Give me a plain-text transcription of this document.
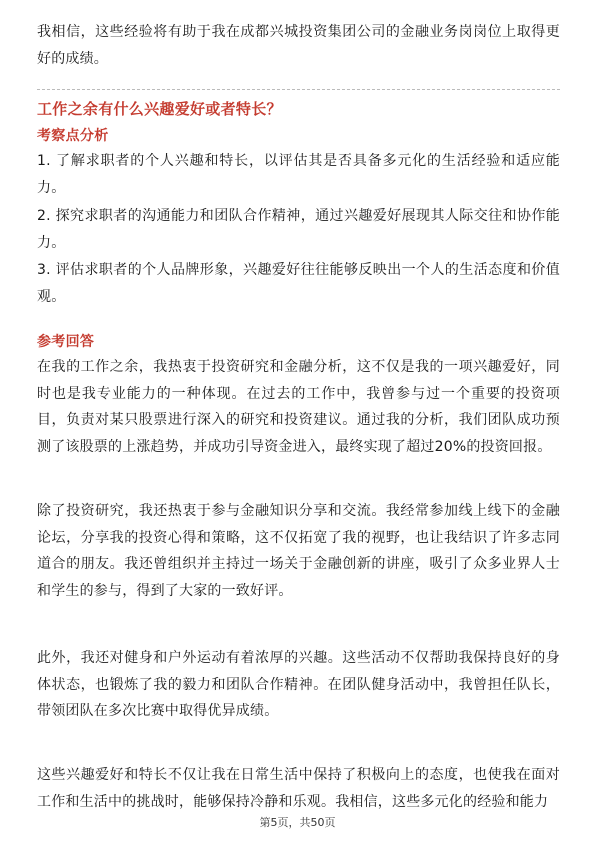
我相信，这些经验将有助于我在成都兴城投资集团公司的金融业务岗岗位上取得更好的成绩。

工作之余有什么兴趣爱好或者特长？
考察点分析

1. 了解求职者的个人兴趣和特长，以评估其是否具备多元化的生活经验和适应能力。

2. 探究求职者的沟通能力和团队合作精神，通过兴趣爱好展现其人际交往和协作能力。

3. 评估求职者的个人品牌形象，兴趣爱好往往能够反映出一个人的生活态度和价值观。

参考回答

在我的工作之余，我热衷于投资研究和金融分析，这不仅是我的一项兴趣爱好，同时也是我专业能力的一种体现。在过去的工作中，我曾参与过一个重要的投资项目，负责对某只股票进行深入的研究和投资建议。通过我的分析，我们团队成功预测了该股票的上涨趋势，并成功引导资金进入，最终实现了超过20%的投资回报。

除了投资研究，我还热衷于参与金融知识分享和交流。我经常参加线上线下的金融论坛，分享我的投资心得和策略，这不仅拓宽了我的视野，也让我结识了许多志同道合的朋友。我还曾组织并主持过一场关于金融创新的讲座，吸引了众多业界人士和学生的参与，得到了大家的一致好评。

此外，我还对健身和户外运动有着浓厚的兴趣。这些活动不仅帮助我保持良好的身体状态，也锻炼了我的毅力和团队合作精神。在团队健身活动中，我曾担任队长，带领团队在多次比赛中取得优异成绩。

这些兴趣爱好和特长不仅让我在日常生活中保持了积极向上的态度，也使我在面对工作和生活中的挑战时，能够保持冷静和乐观。我相信，这些多元化的经验和能力

第5页，共50页
